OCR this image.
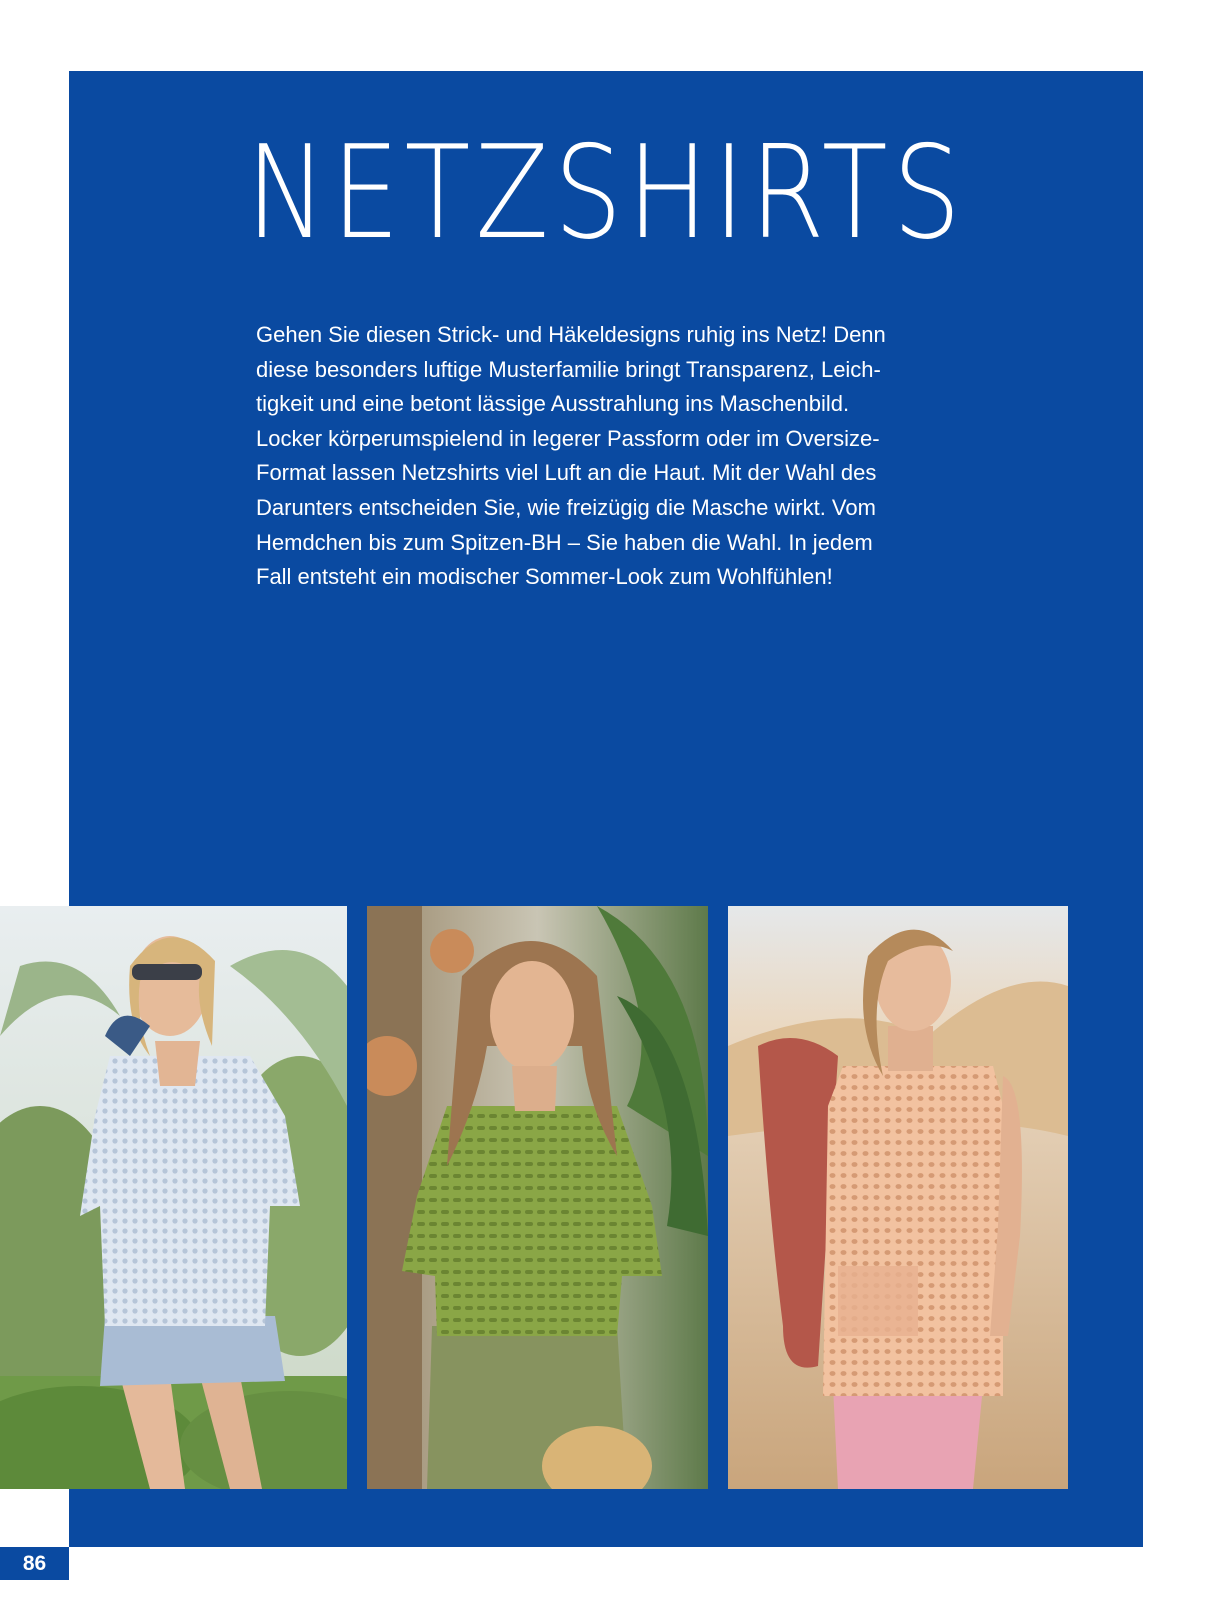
NETZSHIRTS
Gehen Sie diesen Strick- und Häkeldesigns ruhig ins Netz! Denn
diese besonders luftige Musterfamilie bringt Transparenz, Leich-
tigkeit und eine betont lässige Ausstrahlung ins Maschenbild.
Locker körperumspielend in legerer Passform oder im Oversize-
Format lassen Netzshirts viel Luft an die Haut. Mit der Wahl des
Darunters entscheiden Sie, wie freizügig die Masche wirkt. Vom
Hemdchen bis zum Spitzen-BH – Sie haben die Wahl. In jedem
Fall entsteht ein modischer Sommer-Look zum Wohlfühlen!
86
